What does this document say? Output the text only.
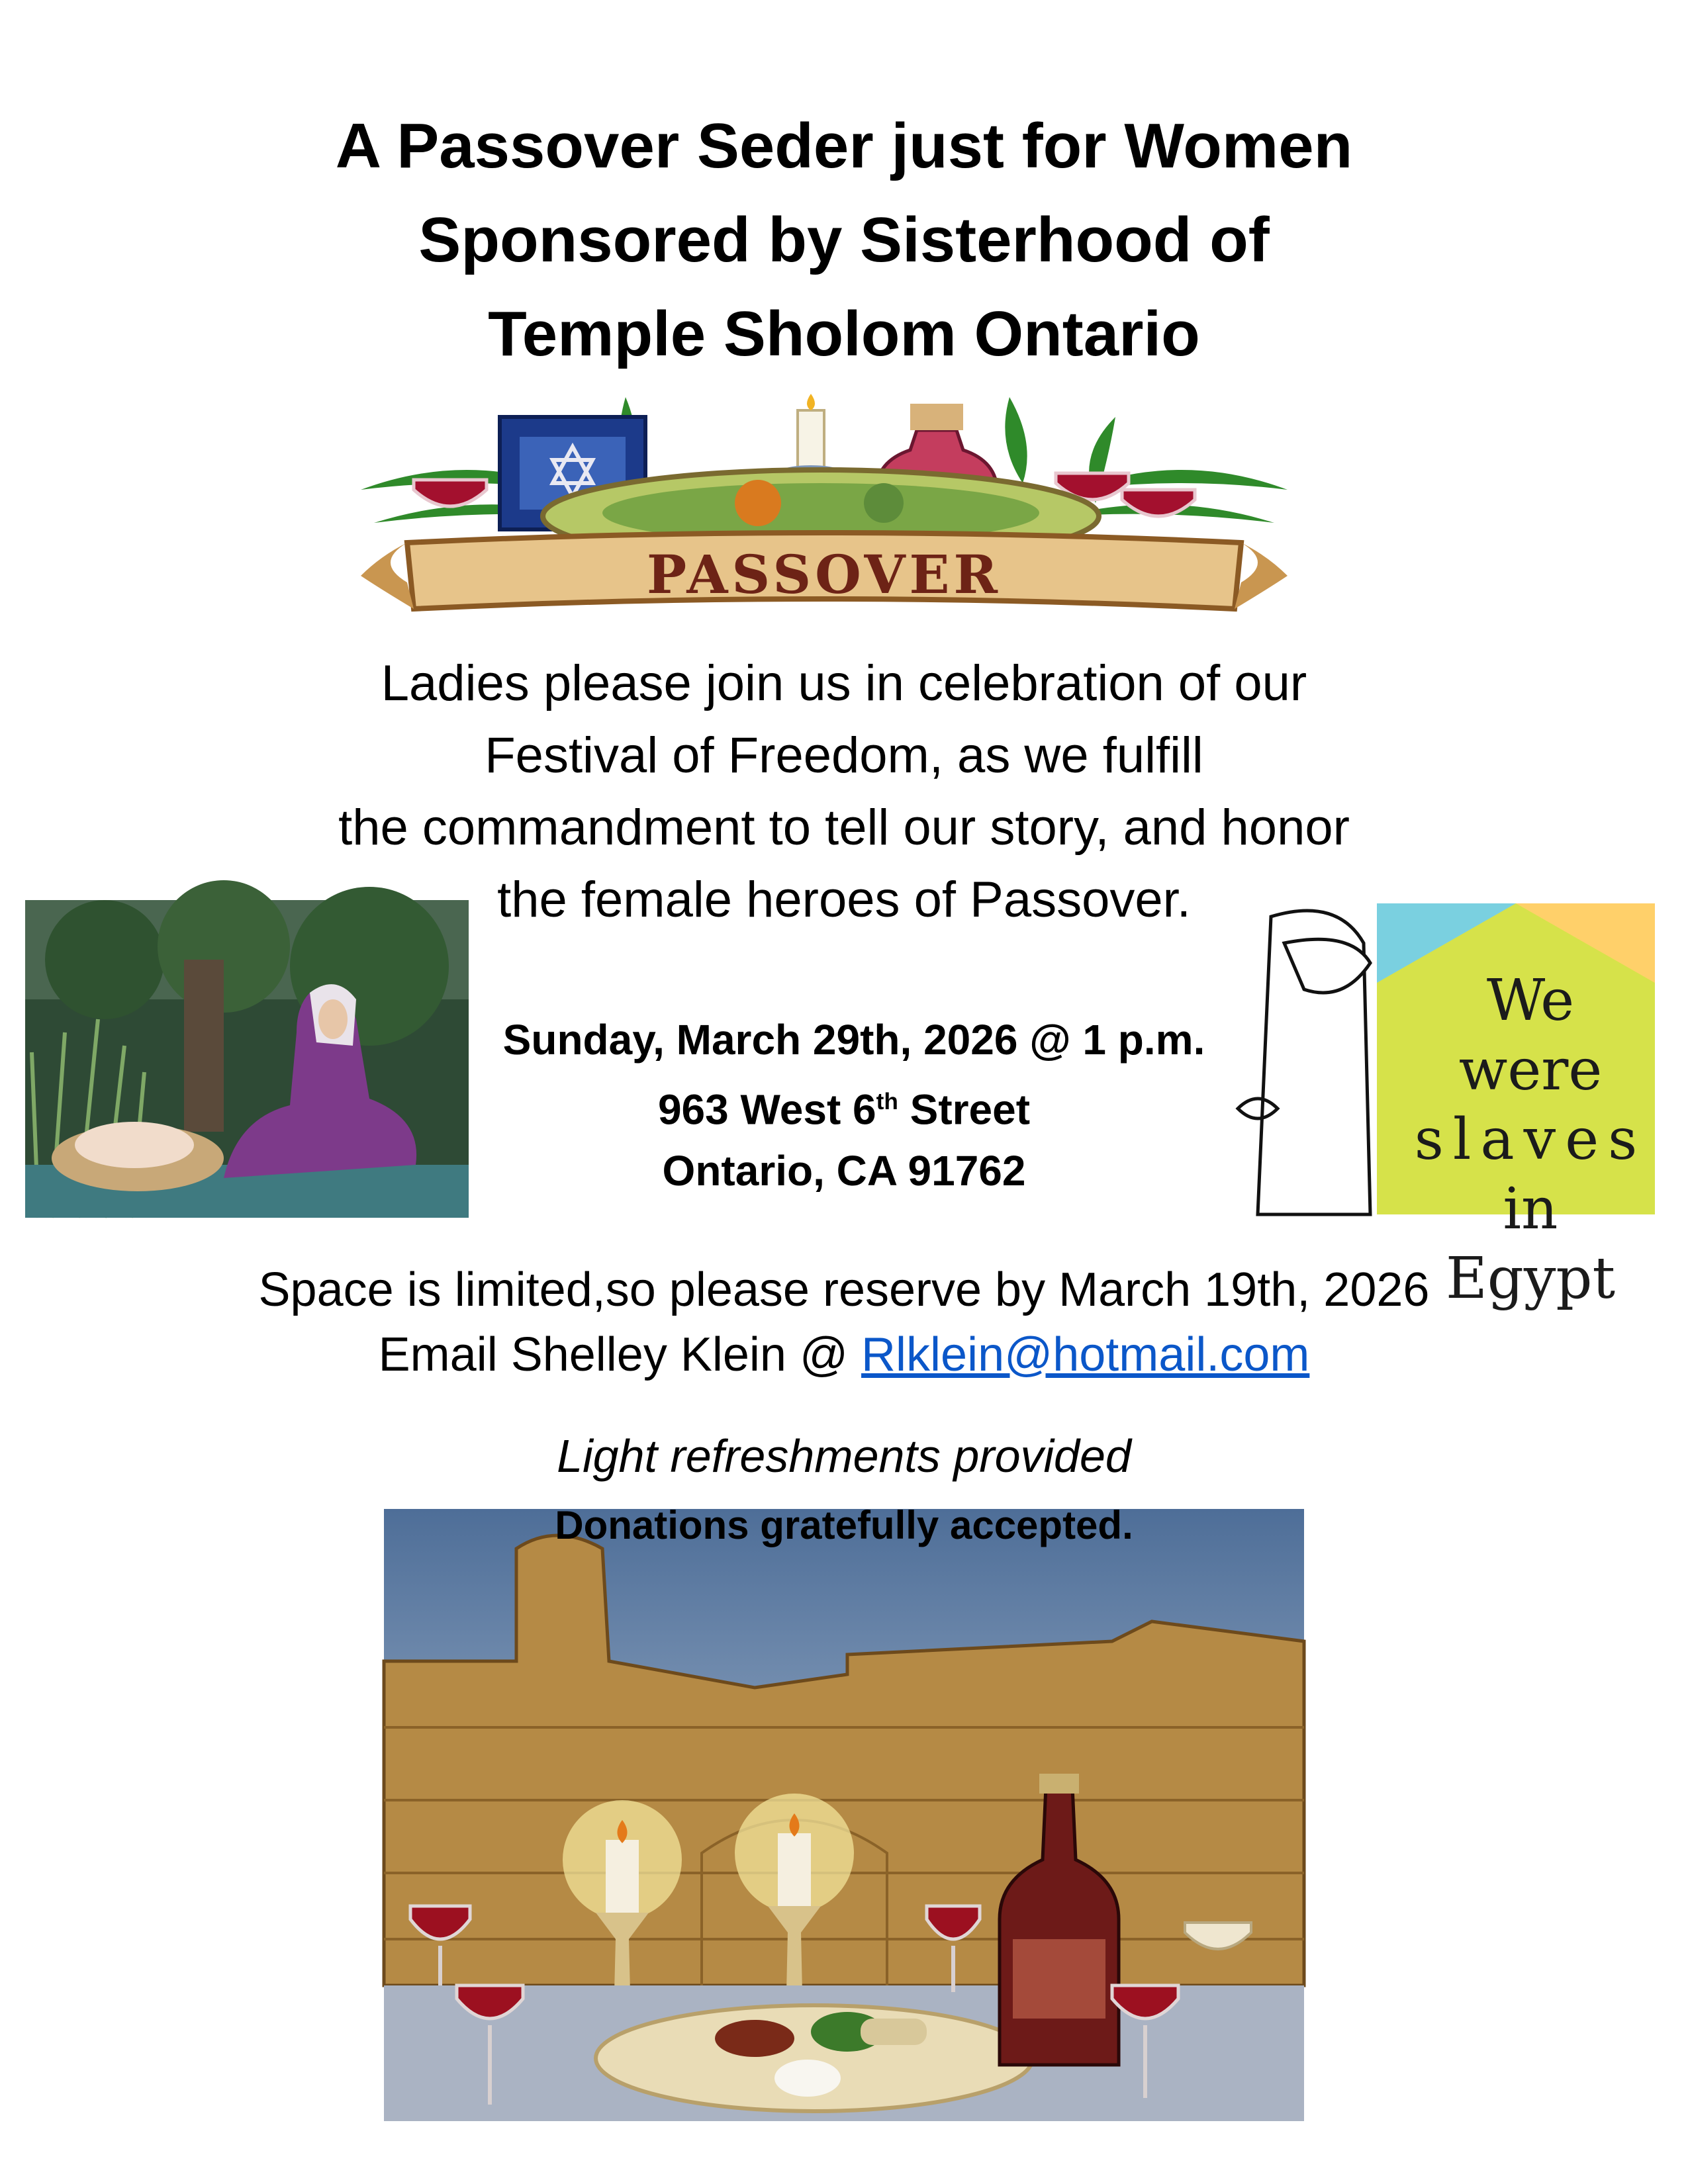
A Passover Seder just for Women
Sponsored by Sisterhood of
Temple Sholom Ontario
PASSOVER
Ladies please join us in celebration of our
Festival of Freedom, as we fulfill
the commandment to tell our story, and honor
the female heroes of Passover.
We were
slaves
in Egypt
Sunday, March 29th, 2026 @ 1 p.m.
963 West 6th Street
Ontario, CA 91762
Space is limited,so please reserve by March 19th, 2026
Email Shelley Klein @ Rlklein@hotmail.com
Light refreshments provided
Donations gratefully accepted.
